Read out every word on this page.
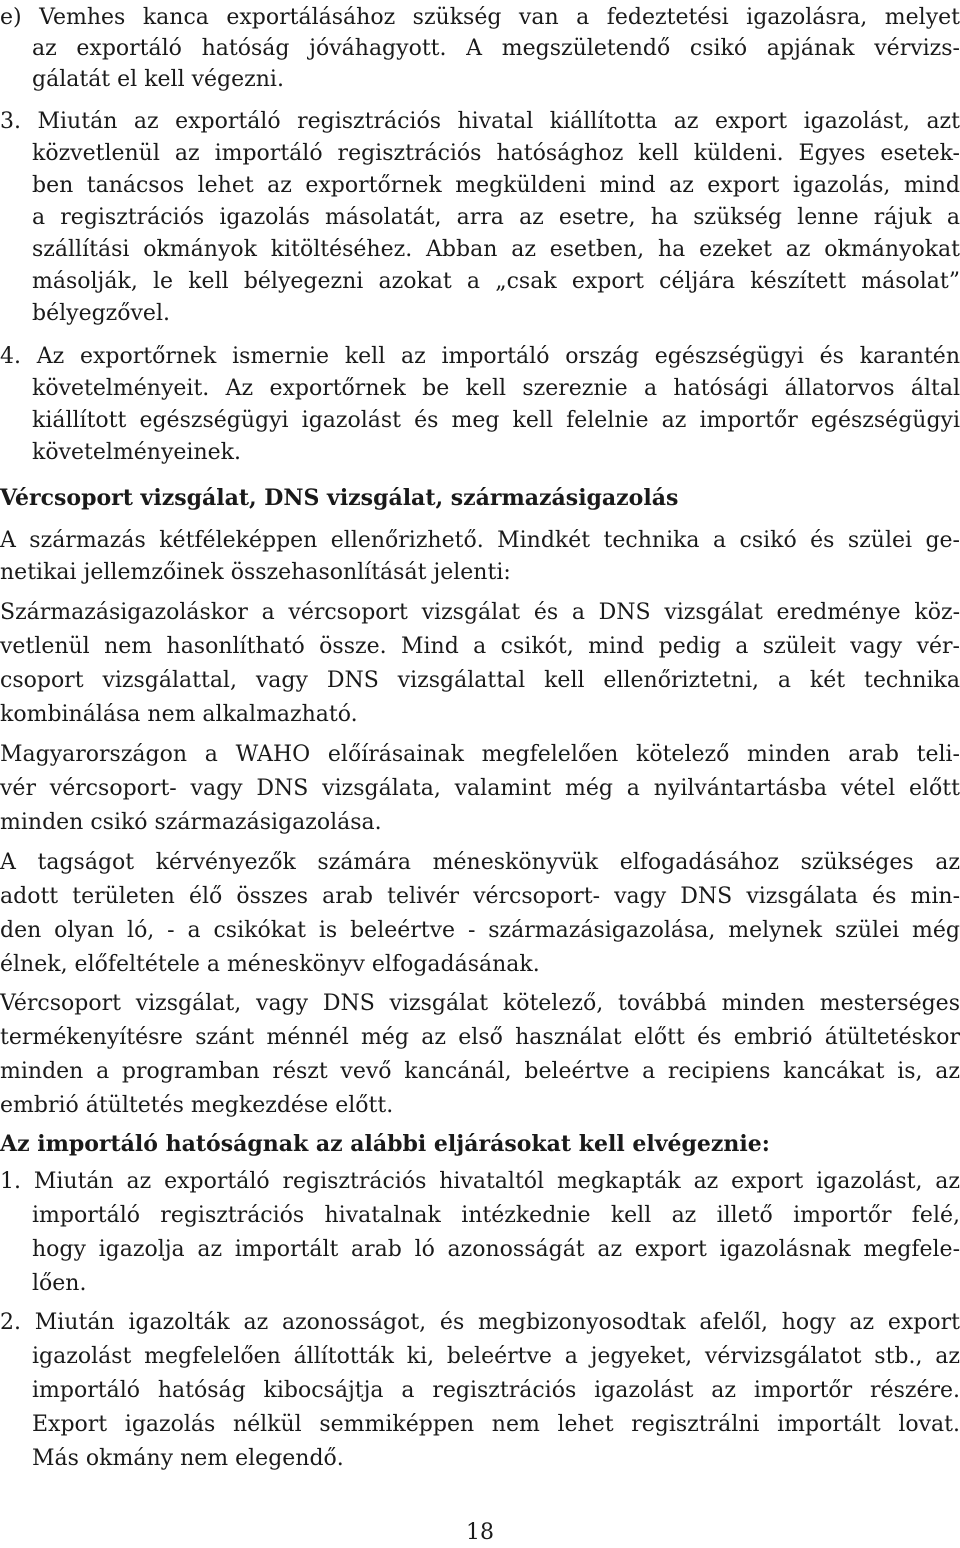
e) Vemhes kanca exportálásához szükség van a fedeztetési igazolásra, melyet
az exportáló hatóság jóváhagyott. A megszületendő csikó apjának vérvizs-
gálatát el kell végezni.
3. Miután az exportáló regisztrációs hivatal kiállította az export igazolást, azt
közvetlenül az importáló regisztrációs hatósághoz kell küldeni. Egyes esetek-
ben tanácsos lehet az exportőrnek megküldeni mind az export igazolás, mind
a regisztrációs igazolás másolatát, arra az esetre, ha szükség lenne rájuk a
szállítási okmányok kitöltéséhez. Abban az esetben, ha ezeket az okmányokat
másolják, le kell bélyegezni azokat a „csak export céljára készített másolat”
bélyegzővel.
4. Az exportőrnek ismernie kell az importáló ország egészségügyi és karantén
követelményeit. Az exportőrnek be kell szereznie a hatósági állatorvos által
kiállított egészségügyi igazolást és meg kell felelnie az importőr egészségügyi
követelményeinek.
Vércsoport vizsgálat, DNS vizsgálat, származásigazolás
A származás kétféleképpen ellenőrizhető. Mindkét technika a csikó és szülei ge-
netikai jellemzőinek összehasonlítását jelenti:
Származásigazoláskor a vércsoport vizsgálat és a DNS vizsgálat eredménye köz-
vetlenül nem hasonlítható össze. Mind a csikót, mind pedig a szüleit vagy vér-
csoport vizsgálattal, vagy DNS vizsgálattal kell ellenőriztetni, a két technika
kombinálása nem alkalmazható.
Magyarországon a WAHO előírásainak megfelelően kötelező minden arab teli-
vér vércsoport- vagy DNS vizsgálata, valamint még a nyilvántartásba vétel előtt
minden csikó származásigazolása.
A tagságot kérvényezők számára méneskönyvük elfogadásához szükséges az
adott területen élő összes arab telivér vércsoport- vagy DNS vizsgálata és min-
den olyan ló, - a csikókat is beleértve - származásigazolása, melynek szülei még
élnek, előfeltétele a méneskönyv elfogadásának.
Vércsoport vizsgálat, vagy DNS vizsgálat kötelező, továbbá minden mesterséges
termékenyítésre szánt ménnél még az első használat előtt és embrió átültetéskor
minden a programban részt vevő kancánál, beleértve a recipiens kancákat is, az
embrió átültetés megkezdése előtt.
Az importáló hatóságnak az alábbi eljárásokat kell elvégeznie:
1. Miután az exportáló regisztrációs hivataltól megkapták az export igazolást, az
importáló regisztrációs hivatalnak intézkednie kell az illető importőr felé,
hogy igazolja az importált arab ló azonosságát az export igazolásnak megfele-
lően.
2. Miután igazolták az azonosságot, és megbizonyosodtak afelől, hogy az export
igazolást megfelelően állították ki, beleértve a jegyeket, vérvizsgálatot stb., az
importáló hatóság kibocsájtja a regisztrációs igazolást az importőr részére.
Export igazolás nélkül semmiképpen nem lehet regisztrálni importált lovat.
Más okmány nem elegendő.
18
